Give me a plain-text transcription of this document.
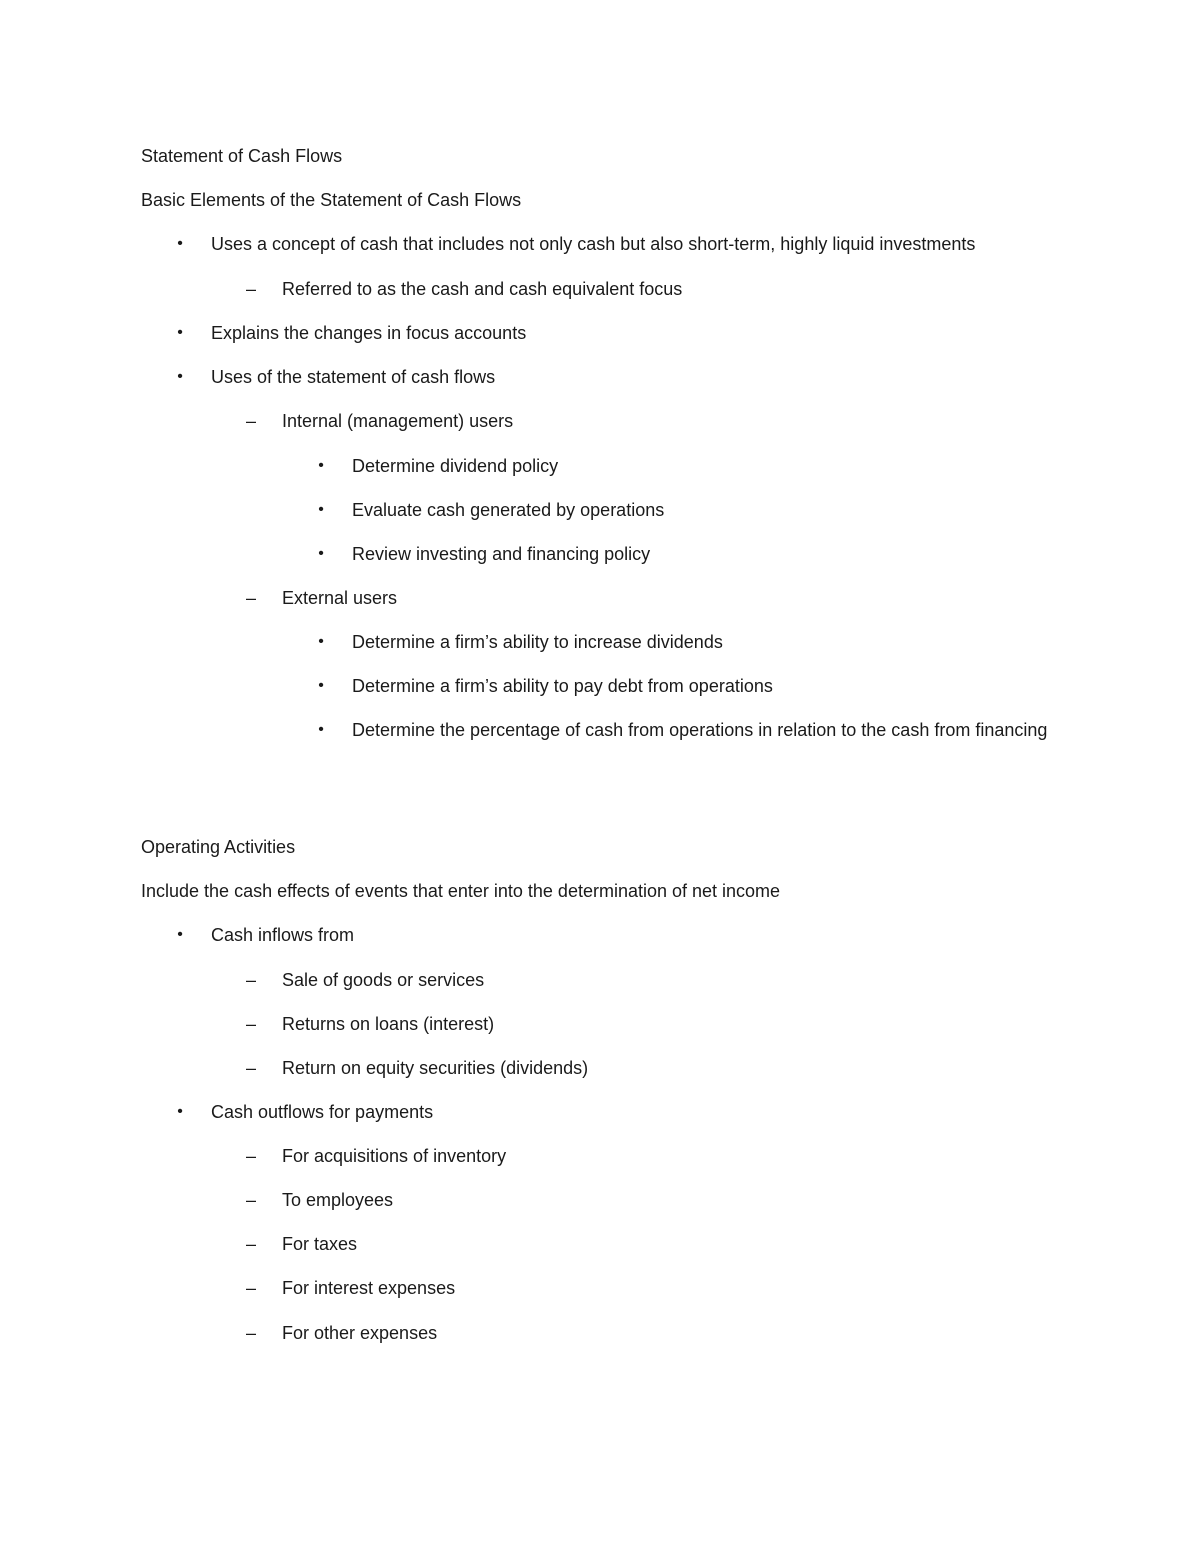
Statement of Cash Flows
Basic Elements of the Statement of Cash Flows
•	Uses a concept of cash that includes not only cash but also short-term, highly liquid investments
– Referred to as the cash and cash equivalent focus
•	Explains the changes in focus accounts
•	Uses of the statement of cash flows
– Internal (management) users
•	Determine dividend policy
•	Evaluate cash generated by operations
•	Review investing and financing policy
– External users
•	Determine a firm’s ability to increase dividends
•	Determine a firm’s ability to pay debt from operations
•	Determine the percentage of cash from operations in relation to the cash from financing
Operating Activities
Include the cash effects of events that enter into the determination of net income
•	Cash inflows from
– Sale of goods or services
– Returns on loans (interest)
– Return on equity securities (dividends)
•	Cash outflows for payments
– For acquisitions of inventory
– To employees
– For taxes
– For interest expenses
– For other expenses
